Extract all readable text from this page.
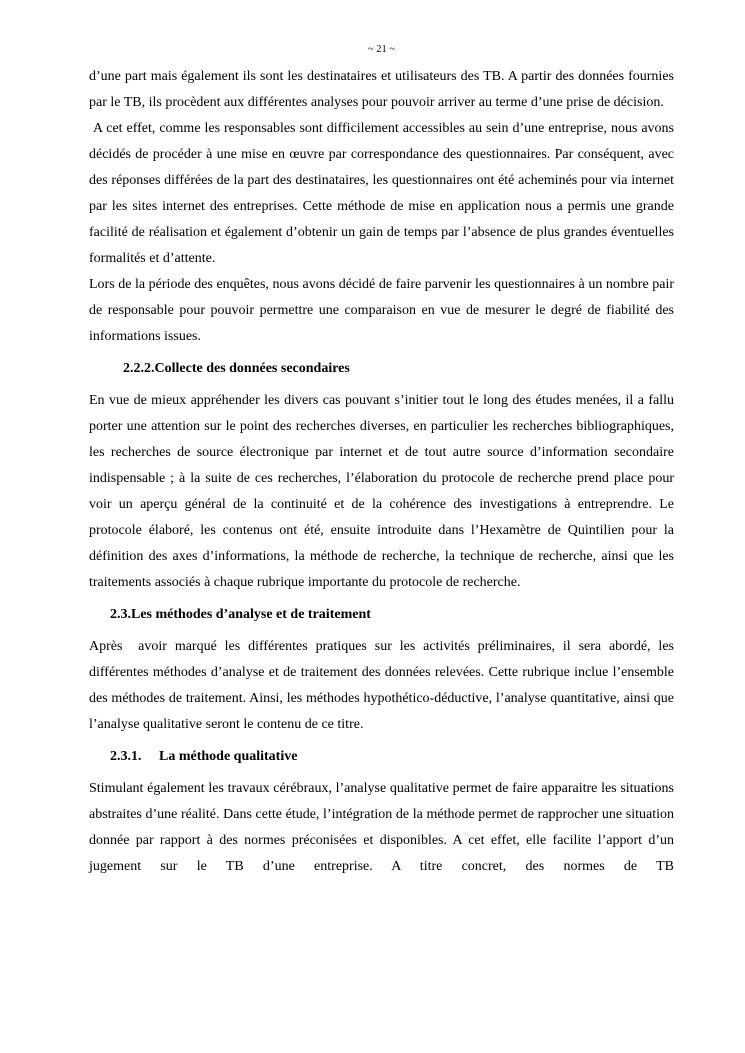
~ 21 ~

d’une part mais également ils sont les destinataires et utilisateurs des TB. A partir des données fournies par le TB, ils procèdent aux différentes analyses pour pouvoir arriver au terme d’une prise de décision.

A cet effet, comme les responsables sont difficilement accessibles au sein d’une entreprise, nous avons décidés de procéder à une mise en œuvre par correspondance des questionnaires. Par conséquent, avec des réponses différées de la part des destinataires, les questionnaires ont été acheminés pour via internet par les sites internet des entreprises. Cette méthode de mise en application nous a permis une grande facilité de réalisation et également d’obtenir un gain de temps par l’absence de plus grandes éventuelles formalités et d’attente.

Lors de la période des enquêtes, nous avons décidé de faire parvenir les questionnaires à un nombre pair de responsable pour pouvoir permettre une comparaison en vue de mesurer le degré de fiabilité des informations issues.

2.2.2.Collecte des données secondaires

En vue de mieux appréhender les divers cas pouvant s’initier tout le long des études menées, il a fallu porter une attention sur le point des recherches diverses, en particulier les recherches bibliographiques, les recherches de source électronique par internet et de tout autre source d’information secondaire indispensable ; à la suite de ces recherches, l’élaboration du protocole de recherche prend place pour voir un aperçu général de la continuité et de la cohérence des investigations à entreprendre. Le protocole élaboré, les contenus ont été, ensuite introduite dans l’Hexamètre de Quintilien pour la définition des axes d’informations, la méthode de recherche, la technique de recherche, ainsi que les traitements associés à chaque rubrique importante du protocole de recherche.

2.3.Les méthodes d’analyse et de traitement

Après  avoir marqué les différentes pratiques sur les activités préliminaires, il sera abordé, les différentes méthodes d’analyse et de traitement des données relevées. Cette rubrique inclue l’ensemble des méthodes de traitement. Ainsi, les méthodes hypothético-déductive, l’analyse quantitative, ainsi que l’analyse qualitative seront le contenu de ce titre.

2.3.1. La méthode qualitative

Stimulant également les travaux cérébraux, l’analyse qualitative permet de faire apparaitre les situations abstraites d’une réalité. Dans cette étude, l’intégration de la méthode permet de rapprocher une situation donnée par rapport à des normes préconisées et disponibles. A cet effet, elle facilite l’apport d’un jugement sur le TB d’une entreprise. A titre concret, des normes de TB
